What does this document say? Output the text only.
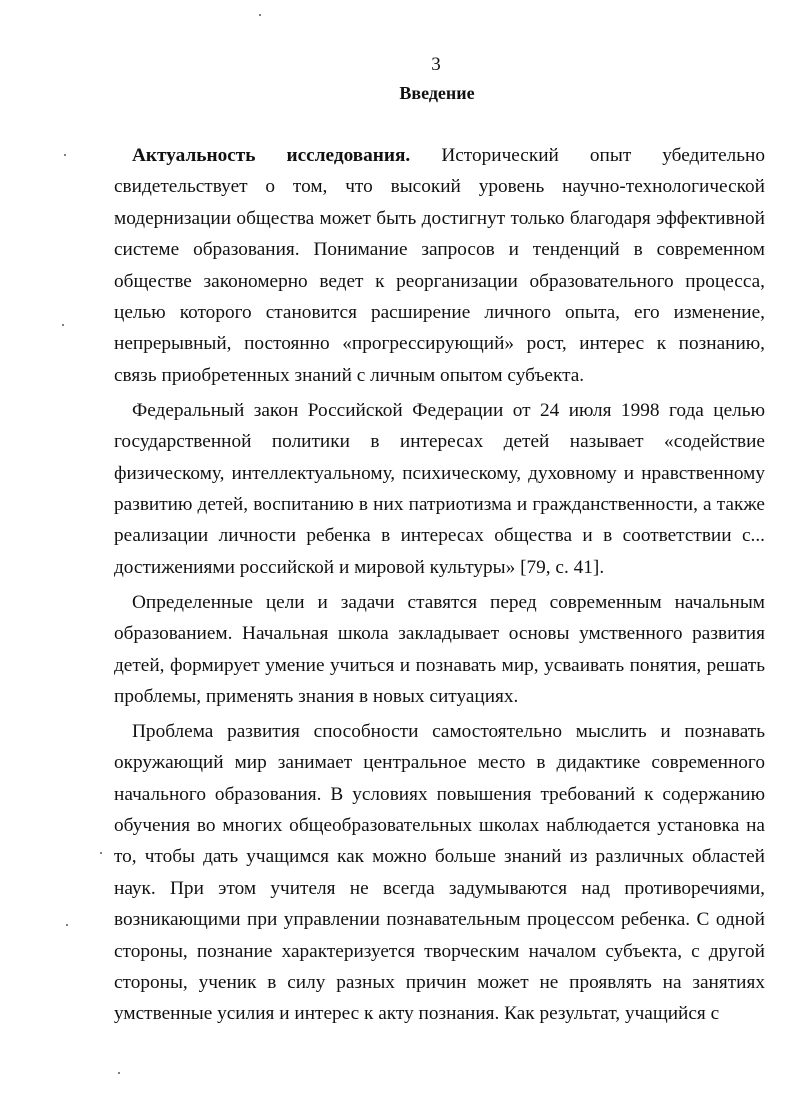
3
Введение

Актуальность исследования. Исторический опыт убедительно свидетельствует о том, что высокий уровень научно-технологической модернизации общества может быть достигнут только благодаря эффективной системе образования. Понимание запросов и тенденций в современном обществе закономерно ведет к реорганизации образовательного процесса, целью которого становится расширение личного опыта, его изменение, непрерывный, постоянно «прогрессирующий» рост, интерес к познанию, связь приобретенных знаний с личным опытом субъекта.

Федеральный закон Российской Федерации от 24 июля 1998 года целью государственной политики в интересах детей называет «содействие физическому, интеллектуальному, психическому, духовному и нравственному развитию детей, воспитанию в них патриотизма и гражданственности, а также реализации личности ребенка в интересах общества и в соответствии с... достижениями российской и мировой культуры» [79, с. 41].

Определенные цели и задачи ставятся перед современным начальным образованием. Начальная школа закладывает основы умственного развития детей, формирует умение учиться и познавать мир, усваивать понятия, решать проблемы, применять знания в новых ситуациях.

Проблема развития способности самостоятельно мыслить и познавать окружающий мир занимает центральное место в дидактике современного начального образования. В условиях повышения требований к содержанию обучения во многих общеобразовательных школах наблюдается установка на то, чтобы дать учащимся как можно больше знаний из различных областей наук. При этом учителя не всегда задумываются над противоречиями, возникающими при управлении познавательным процессом ребенка. С одной стороны, познание характеризуется творческим началом субъекта, с другой стороны, ученик в силу разных причин может не проявлять на занятиях умственные усилия и интерес к акту познания. Как результат, учащийся с
